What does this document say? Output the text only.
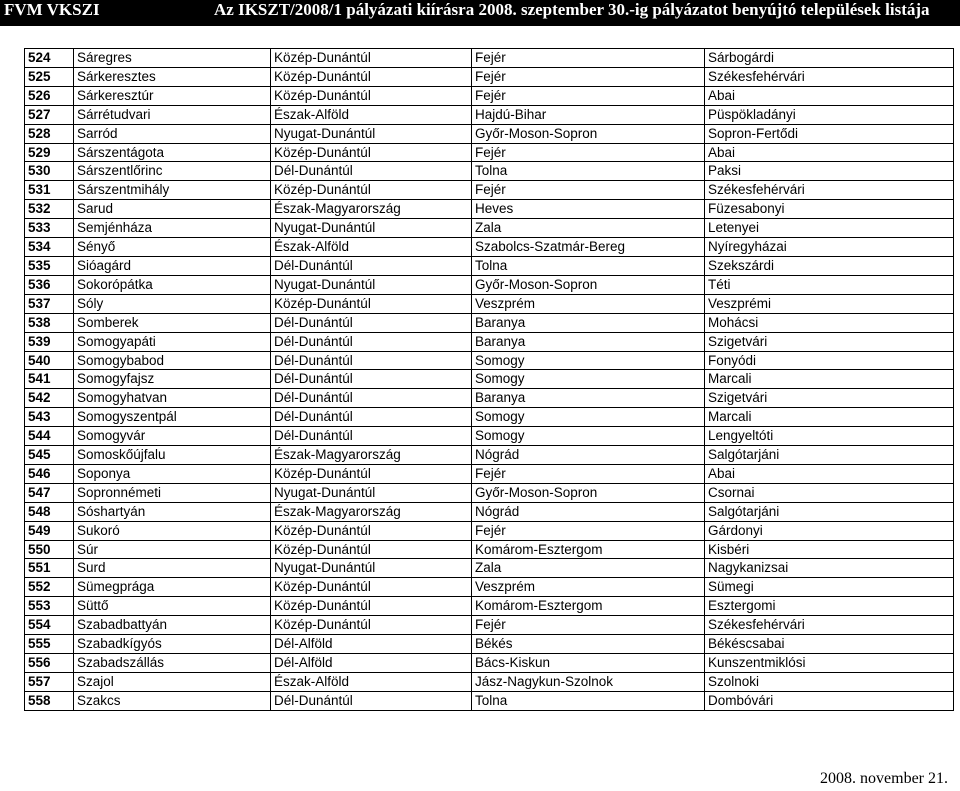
FVM VKSZI	Az IKSZT/2008/1 pályázati kiírásra 2008. szeptember 30.-ig pályázatot benyújtó települések listája
524	Sáregres	Közép-Dunántúl	Fejér	Sárbogárdi
525	Sárkeresztes	Közép-Dunántúl	Fejér	Székesfehérvári
526	Sárkeresztúr	Közép-Dunántúl	Fejér	Abai
527	Sárrétudvari	Észak-Alföld	Hajdú-Bihar	Püspökladányi
528	Sarród	Nyugat-Dunántúl	Győr-Moson-Sopron	Sopron-Fertődi
529	Sárszentágota	Közép-Dunántúl	Fejér	Abai
530	Sárszentlőrinc	Dél-Dunántúl	Tolna	Paksi
531	Sárszentmihály	Közép-Dunántúl	Fejér	Székesfehérvári
532	Sarud	Észak-Magyarország	Heves	Füzesabonyi
533	Semjénháza	Nyugat-Dunántúl	Zala	Letenyei
534	Sényő	Észak-Alföld	Szabolcs-Szatmár-Bereg	Nyíregyházai
535	Sióagárd	Dél-Dunántúl	Tolna	Szekszárdi
536	Sokorópátka	Nyugat-Dunántúl	Győr-Moson-Sopron	Téti
537	Sóly	Közép-Dunántúl	Veszprém	Veszprémi
538	Somberek	Dél-Dunántúl	Baranya	Mohácsi
539	Somogyapáti	Dél-Dunántúl	Baranya	Szigetvári
540	Somogybabod	Dél-Dunántúl	Somogy	Fonyódi
541	Somogyfajsz	Dél-Dunántúl	Somogy	Marcali
542	Somogyhatvan	Dél-Dunántúl	Baranya	Szigetvári
543	Somogyszentpál	Dél-Dunántúl	Somogy	Marcali
544	Somogyvár	Dél-Dunántúl	Somogy	Lengyeltóti
545	Somoskőújfalu	Észak-Magyarország	Nógrád	Salgótarjáni
546	Soponya	Közép-Dunántúl	Fejér	Abai
547	Sopronnémeti	Nyugat-Dunántúl	Győr-Moson-Sopron	Csornai
548	Sóshartyán	Észak-Magyarország	Nógrád	Salgótarjáni
549	Sukoró	Közép-Dunántúl	Fejér	Gárdonyi
550	Súr	Közép-Dunántúl	Komárom-Esztergom	Kisbéri
551	Surd	Nyugat-Dunántúl	Zala	Nagykanizsai
552	Sümegprága	Közép-Dunántúl	Veszprém	Sümegi
553	Süttő	Közép-Dunántúl	Komárom-Esztergom	Esztergomi
554	Szabadbattyán	Közép-Dunántúl	Fejér	Székesfehérvári
555	Szabadkígyós	Dél-Alföld	Békés	Békéscsabai
556	Szabadszállás	Dél-Alföld	Bács-Kiskun	Kunszentmiklósi
557	Szajol	Észak-Alföld	Jász-Nagykun-Szolnok	Szolnoki
558	Szakcs	Dél-Dunántúl	Tolna	Dombóvári
2008. november 21.
